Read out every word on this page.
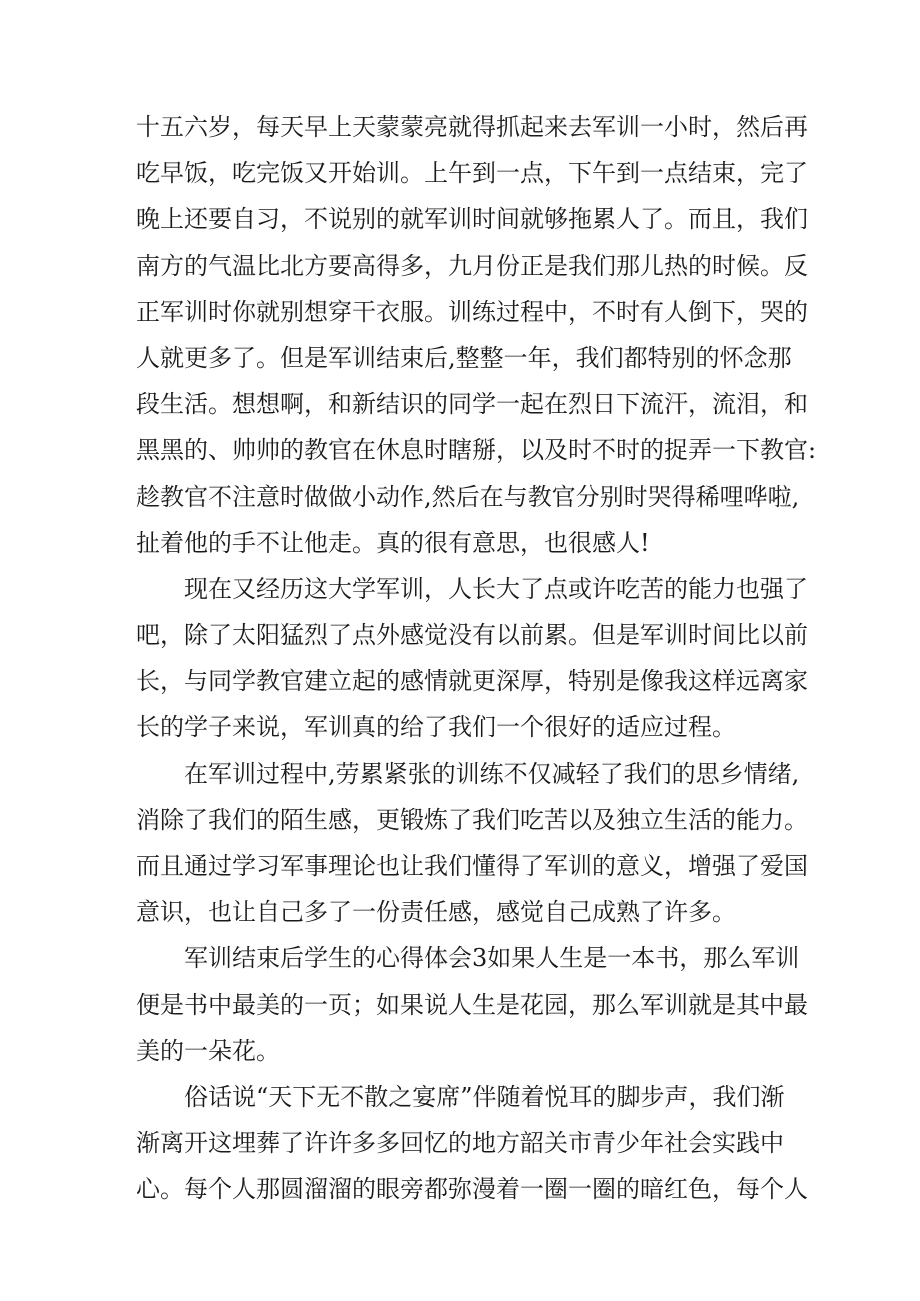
十五六岁，每天早上天蒙蒙亮就得抓起来去军训一小时，然后再
吃早饭，吃完饭又开始训。上午到一点，下午到一点结束，完了
晚上还要自习，不说别的就军训时间就够拖累人了。而且，我们
南方的气温比北方要高得多，九月份正是我们那儿热的时候。反
正军训时你就别想穿干衣服。训练过程中，不时有人倒下，哭的
人就更多了。但是军训结束后,整整一年，我们都特别的怀念那
段生活。想想啊，和新结识的同学一起在烈日下流汗，流泪，和
黑黑的、帅帅的教官在休息时瞎掰，以及时不时的捉弄一下教官:
趁教官不注意时做做小动作,然后在与教官分别时哭得稀哩哗啦,
扯着他的手不让他走。真的很有意思，也很感人!

现在又经历这大学军训，人长大了点或许吃苦的能力也强了
吧，除了太阳猛烈了点外感觉没有以前累。但是军训时间比以前
长，与同学教官建立起的感情就更深厚，特别是像我这样远离家
长的学子来说，军训真的给了我们一个很好的适应过程。

在军训过程中,劳累紧张的训练不仅减轻了我们的思乡情绪,
消除了我们的陌生感，更锻炼了我们吃苦以及独立生活的能力。
而且通过学习军事理论也让我们懂得了军训的意义，增强了爱国
意识，也让自己多了一份责任感，感觉自己成熟了许多。

军训结束后学生的心得体会3如果人生是一本书，那么军训
便是书中最美的一页；如果说人生是花园，那么军训就是其中最
美的一朵花。

俗话说“天下无不散之宴席”伴随着悦耳的脚步声，我们渐
渐离开这埋葬了许许多多回忆的地方韶关市青少年社会实践中
心。每个人那圆溜溜的眼旁都弥漫着一圈一圈的暗红色，每个人
